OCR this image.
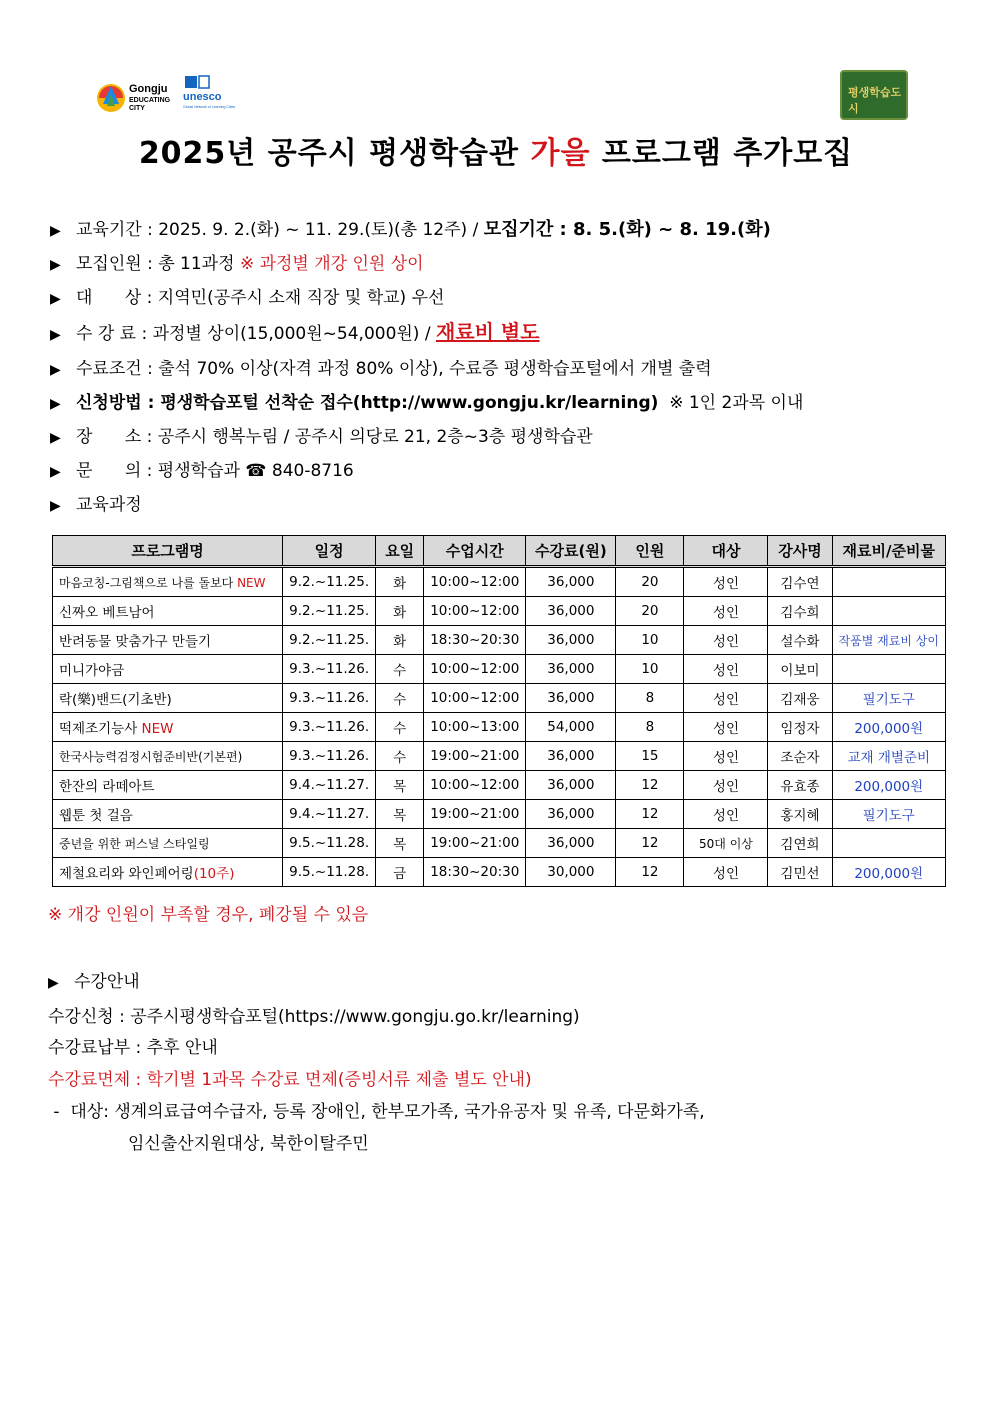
Gongju
EDUCATING
CITY
unesco
Global Network of Learning Cities
평생학습도시
2025년 공주시 평생학습관 가을 프로그램 추가모집
▶ 교육기간 : 2025. 9. 2.(화) ~ 11. 29.(토)(총 12주) / 모집기간 : 8. 5.(화) ~ 8. 19.(화)
▶ 모집인원 : 총 11과정 ※ 과정별 개강 인원 상이
▶ 대      상 : 지역민(공주시 소재 직장 및 학교) 우선
▶ 수 강 료 : 과정별 상이(15,000원~54,000원) / 재료비 별도
▶ 수료조건 : 출석 70% 이상(자격 과정 80% 이상), 수료증 평생학습포털에서 개별 출력
▶ 신청방법 : 평생학습포털 선착순 접수(http://www.gongju.kr/learning)  ※ 1인 2과목 이내
▶ 장      소 : 공주시 행복누림 / 공주시 의당로 21, 2층~3층 평생학습관
▶ 문      의 : 평생학습과 ☎ 840-8716
▶ 교육과정
프로그램명	일정	요일	수업시간	수강료(원)	인원	대상	강사명	재료비/준비물
마음코칭-그림책으로 나를 돌보다 NEW	9.2.~11.25.	화	10:00~12:00	36,000	20	성인	김수연	
신짜오 베트남어	9.2.~11.25.	화	10:00~12:00	36,000	20	성인	김수희	
반려동물 맞춤가구 만들기	9.2.~11.25.	화	18:30~20:30	36,000	10	성인	설수화	작품별 재료비 상이
미니가야금	9.3.~11.26.	수	10:00~12:00	36,000	10	성인	이보미	
락(樂)밴드(기초반)	9.3.~11.26.	수	10:00~12:00	36,000	8	성인	김재웅	필기도구
떡제조기능사 NEW	9.3.~11.26.	수	10:00~13:00	54,000	8	성인	임정자	200,000원
한국사능력검정시험준비반(기본편)	9.3.~11.26.	수	19:00~21:00	36,000	15	성인	조순자	교재 개별준비
한잔의 라떼아트	9.4.~11.27.	목	10:00~12:00	36,000	12	성인	유효종	200,000원
웹툰 첫 걸음	9.4.~11.27.	목	19:00~21:00	36,000	12	성인	홍지혜	필기도구
중년을 위한 퍼스널 스타일링	9.5.~11.28.	목	19:00~21:00	36,000	12	50대 이상	김연희	
제철요리와 와인페어링(10주)	9.5.~11.28.	금	18:30~20:30	30,000	12	성인	김민선	200,000원
※ 개강 인원이 부족할 경우, 폐강될 수 있음
▶ 수강안내
수강신청 : 공주시평생학습포털(https://www.gongju.go.kr/learning)
수강료납부 : 추후 안내
수강료면제 : 학기별 1과목 수강료 면제(증빙서류 제출 별도 안내)
-  대상: 생계의료급여수급자, 등록 장애인, 한부모가족, 국가유공자 및 유족, 다문화가족,
임신출산지원대상, 북한이탈주민
